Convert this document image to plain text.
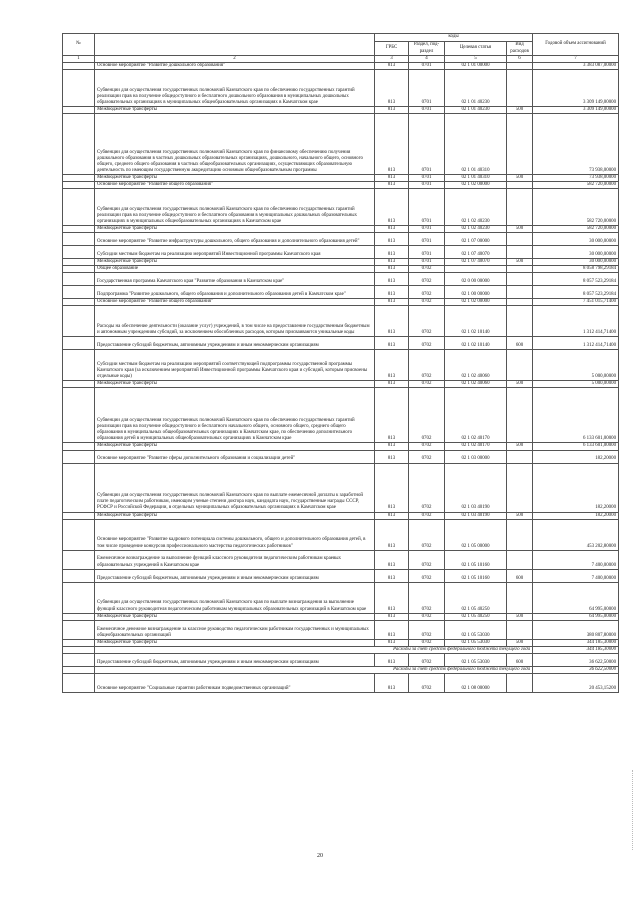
№		коды				Годовой объем ассигнований
		ГРБС	Раздел, под-раздел	Целевая статья	Вид расходов	
1	2	3	4	5	6	7
	Основное мероприятие "Развитие дошкольного образования"	813	0701	02 1 01 00000		3 383 087,00000
	Субвенции для осуществления государственных полномочий Камчатского края по обеспечению государственных гарантий реализации прав на получение общедоступного и бесплатного дошкольного образования в муниципальных дошкольных образовательных организациях в муниципальных общеобразовательных организациях в Камчатском крае	813	0701	02 1 01 40230		3 309 149,00000
	Межбюджетные трансферты	813	0701	02 1 01 40230	500	3 309 149,00000
	Субвенции для осуществления государственных полномочий Камчатского края по финансовому обеспечению получения дошкольного образования в частных дошкольных образовательных организациях, дошкольного, начального общего, основного общего, среднего общего образования в частных общеобразовательных организациях, осуществляющих образовательную деятельность по имеющим государственную аккредитацию основным общеобразовательным программы	813	0701	02 1 01 40310		73 938,00000
	Межбюджетные трансферты	813	0701	02 1 01 40310	500	73 938,00000
	Основное мероприятие "Развитие общего образования"	813	0701	02 1 02 00000		582 720,00000
	Субвенции для осуществления государственных полномочий Камчатского края по обеспечению государственных гарантий реализации прав на получение общедоступного и бесплатного образования в муниципальных дошкольных образовательных организациях в муниципальных общеобразовательных организациях в Камчатском крае	813	0701	02 1 02 40230		582 720,00000
	Межбюджетные трансферты	813	0701	02 1 02 40230	500	582 720,00000
	Основное мероприятие "Развитие инфраструктуры дошкольного, общего образования и дополнительного образования детей"	813	0701	02 1 07 00000		30 000,00000
	Субсидии местным бюджетам на реализацию мероприятий Инвестиционной программы Камчатского края	813	0701	02 1 07 40070		30 000,00000
	Межбюджетные трансферты	813	0701	02 1 07 40070	500	30 000,00000
	Общее образование	813	0702			8 058 798,29184
	Государственная программа Камчатского края "Развитие образования в Камчатском крае"	813	0702	02 0 00 00000		8 057 523,29184
	Подпрограмма "Развитие дошкольного, общего образования и дополнительного образования детей в Камчатском крае"	813	0702	02 1 00 00000		8 057 523,29184
	Основное мероприятие "Развитие общего образования"	813	0702	02 1 02 00000		7 451 015,71400
	Расходы на обеспечение деятельности (оказание услуг) учреждений, в том числе на предоставление государственным бюджетным и автономным учреждениям субсидий, за исключением обособленных расходов, которым присваиваются уникальные коды	813	0702	02 1 02 10140		1 312 414,71400
	Предоставление субсидий бюджетным, автономным учреждениям и иным некоммерческим организациям	813	0702	02 1 02 10140	600	1 312 414,71400
	Субсидии местным бюджетам на реализацию мероприятий соответствующей подпрограммы государственной программы Камчатского края (за исключением мероприятий Инвестиционной программы Камчатского края и субсидий, которым присвоены отдельные коды)	813	0702	02 1 02 40060		5 000,00000
	Межбюджетные трансферты	813	0702	02 1 02 40060	500	5 000,00000
	Субвенции для осуществления государственных полномочий Камчатского края по обеспечению государственных гарантий реализации прав на получение общедоступного и бесплатного начального общего, основного общего, среднего общего образования в муниципальных общеобразовательных организациях в Камчатском крае, по обеспечению дополнительного образования детей в муниципальных общеобразовательных организациях в Камчатском крае	813	0702	02 1 02 40170		6 133 601,00000
	Межбюджетные трансферты	813	0702	02 1 02 40170	500	6 133 601,00000
	Основное мероприятие "Развитие сферы дополнительного образования и социализации детей"	813	0702	02 1 03 00000		182,20000
	Субвенции для осуществления государственных полномочий Камчатского края по выплате ежемесячной доплаты к заработной плате педагогическим работникам, имеющим ученые степени доктора наук, кандидата наук, государственные награды СССР, РСФСР и Российской Федерации, в отдельных муниципальных образовательных организациях в Камчатском крае	813	0702	02 1 03 40190		182,20000
	Межбюджетные трансферты	813	0702	02 1 03 40190	500	182,20000
	Основное мероприятие "Развитие кадрового потенциала системы дошкольного, общего и дополнительного образования детей, в том числе проведение конкурсов профессионального мастерства педагогических работников"	813	0702	02 1 05 00000		453 202,80000
	Ежемесячное вознаграждение за выполнение функций классного руководителя педагогическим работникам краевых образовательных учреждений в Камчатском крае	813	0702	02 1 05 10160		7 400,00000
	Предоставление субсидий бюджетным, автономным учреждениям и иным некоммерческим организациям	813	0702	02 1 05 10160	600	7 400,00000
	Субвенции для осуществления государственных полномочий Камчатского края по выплате вознаграждения за выполнение функций классного руководителя педагогическим работникам муниципальных образовательных организаций в Камчатском крае	813	0702	02 1 05 40250		64 995,00000
	Межбюджетные трансферты	813	0702	02 1 05 40250	500	64 995,00000
	Ежемесячное денежное вознаграждение за классное руководство педагогическим работникам государственных и муниципальных общеобразовательных организаций	813	0702	02 1 05 53030		380 807,80000
	Межбюджетные трансферты	813	0702	02 1 05 53030	500	344 185,30000
	Расходы за счет средств федерального бюджета текущего года					344 185,30000
	Предоставление субсидий бюджетным, автономным учреждениям и иным некоммерческим организациям	813	0702	02 1 05 53030	600	36 622,50000
	Расходы за счет средств федерального бюджета текущего года					36 622,50000
	Основное мероприятие "Социальные гарантии работникам подведомственных организаций"	813	0702	02 1 08 00000		20 453,15200
20
